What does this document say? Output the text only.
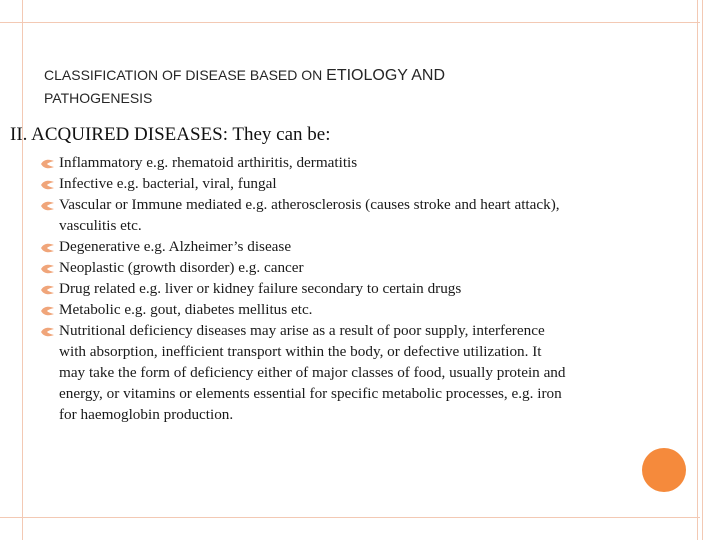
CLASSIFICATION OF DISEASE BASED ON ETIOLOGY AND
PATHOGENESIS
II. ACQUIRED DISEASES: They can be:
Inflammatory e.g. rhematoid arthiritis, dermatitis
Infective e.g. bacterial, viral, fungal
Vascular or Immune mediated e.g. atherosclerosis (causes stroke and heart attack),
vasculitis etc.
Degenerative e.g. Alzheimer’s disease
Neoplastic (growth disorder) e.g. cancer
Drug related e.g. liver or kidney failure secondary to certain drugs
Metabolic e.g. gout, diabetes mellitus etc.
Nutritional deficiency diseases may arise as a result of poor supply, interference
with absorption, inefficient transport within the body, or defective utilization. It
may take the form of deficiency either of major classes of food, usually protein and
energy, or vitamins or elements essential for specific metabolic processes, e.g. iron
for haemoglobin production.
